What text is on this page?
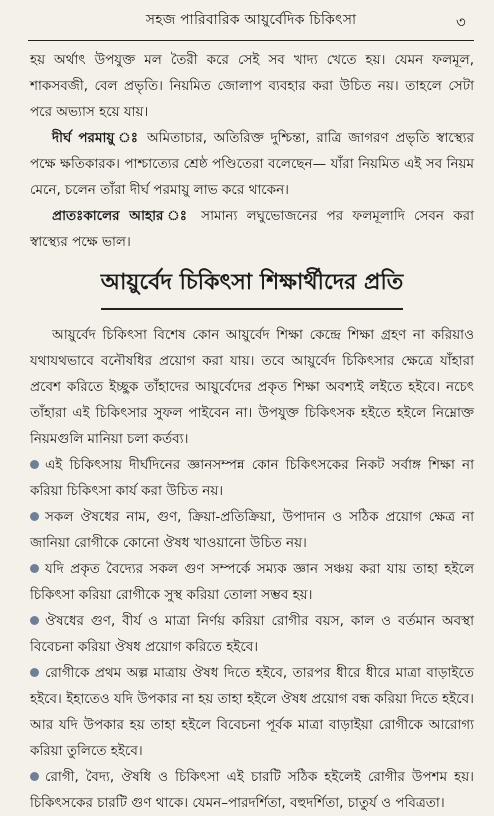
সহজ পারিবারিক আয়ুর্বেদিক চিকিৎসা	৩

হয় অর্থাৎ উপযুক্ত মল তৈরী করে সেই সব খাদ্য খেতে হয়। যেমন ফলমূল, শাকসবজী, বেল প্রভৃতি। নিয়মিত জোলাপ ব্যবহার করা উচিত নয়। তাহলে সেটা পরে অভ্যাস হয়ে যায়।

দীর্ঘ পরমায়ু ঃ অমিতাচার, অতিরিক্ত দুশ্চিন্তা, রাত্রি জাগরণ প্রভৃতি স্বাস্থ্যের পক্ষে ক্ষতিকারক। পাশ্চাত্যের শ্রেষ্ঠ পণ্ডিতেরা বলেছেন— যাঁরা নিয়মিত এই সব নিয়ম মেনে, চলেন তাঁরা দীর্ঘ পরমায়ু লাভ করে থাকেন।

প্রাতঃকালের আহার ঃ সামান্য লঘুভোজনের পর ফলমূলাদি সেবন করা স্বাস্থ্যের পক্ষে ভাল।

আয়ুর্বেদ চিকিৎসা শিক্ষার্থীদের প্রতি

আয়ুর্বেদ চিকিৎসা বিশেষ কোন আয়ুর্বেদ শিক্ষা কেন্দ্রে শিক্ষা গ্রহণ না করিয়াও যথাযথভাবে বনৌষধির প্রয়োগ করা যায়। তবে আয়ুর্বেদ চিকিৎসার ক্ষেত্রে যাঁহারা প্রবেশ করিতে ইচ্ছুক তাঁহাদের আয়ুর্বেদের প্রকৃত শিক্ষা অবশ্যই লইতে হইবে। নচেৎ তাঁহারা এই চিকিৎসার সুফল পাইবেন না। উপযুক্ত চিকিৎসক হইতে হইলে নিম্নোক্ত নিয়মগুলি মানিয়া চলা কর্তব্য।

এই চিকিৎসায় দীর্ঘদিনের জ্ঞানসম্পন্ন কোন চিকিৎসকের নিকট সর্বাঙ্গ শিক্ষা না করিয়া চিকিৎসা কার্য করা উচিত নয়।
সকল ঔষধের নাম, গুণ, ক্রিয়া-প্রতিক্রিয়া, উপাদান ও সঠিক প্রয়োগ ক্ষেত্র না জানিয়া রোগীকে কোনো ঔষধ খাওয়ানো উচিত নয়।
যদি প্রকৃত বৈদ্যের সকল গুণ সম্পর্কে সম্যক জ্ঞান সঞ্চয় করা যায় তাহা হইলে চিকিৎসা করিয়া রোগীকে সুস্থ করিয়া তোলা সম্ভব হয়।
ঔষধের গুণ, বীর্য ও মাত্রা নির্ণয় করিয়া রোগীর বয়স, কাল ও বর্তমান অবস্থা বিবেচনা করিয়া ঔষধ প্রয়োগ করিতে হইবে।
রোগীকে প্রথম অল্প মাত্রায় ঔষধ দিতে হইবে, তারপর ধীরে ধীরে মাত্রা বাড়াইতে হইবে। ইহাতেও যদি উপকার না হয় তাহা হইলে ঔষধ প্রয়োগ বন্ধ করিয়া দিতে হইবে। আর যদি উপকার হয় তাহা হইলে বিবেচনা পূর্বক মাত্রা বাড়াইয়া রোগীকে আরোগ্য করিয়া তুলিতে হইবে।
রোগী, বৈদ্য, ঔষধি ও চিকিৎসা এই চারটি সঠিক হইলেই রোগীর উপশম হয়। চিকিৎসকের চারটি গুণ থাকে। যেমন–পারদর্শিতা, বহুদর্শিতা, চাতুর্য ও পবিত্রতা।
